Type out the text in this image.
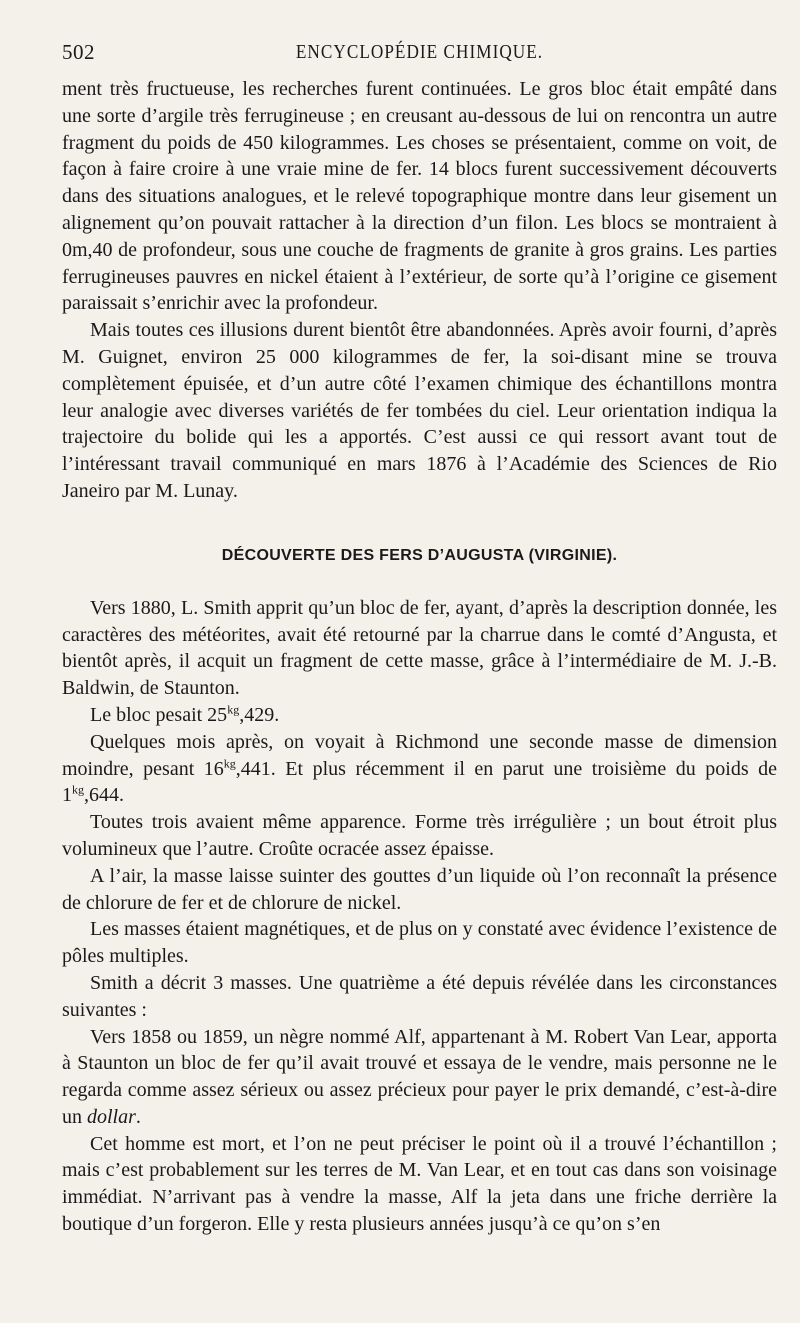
502	ENCYCLOPÉDIE CHIMIQUE.

ment très fructueuse, les recherches furent continuées. Le gros bloc était empâté dans une sorte d’argile très ferrugineuse ; en creusant au-dessous de lui on rencontra un autre fragment du poids de 450 kilogrammes. Les choses se présentaient, comme on voit, de façon à faire croire à une vraie mine de fer. 14 blocs furent successivement découverts dans des situations analogues, et le relevé topographique montre dans leur gisement un alignement qu’on pouvait rattacher à la direction d’un filon. Les blocs se montraient à 0m,40 de profondeur, sous une couche de fragments de granite à gros grains. Les parties ferrugineuses pauvres en nickel étaient à l’extérieur, de sorte qu’à l’origine ce gisement paraissait s’enrichir avec la profondeur.

Mais toutes ces illusions durent bientôt être abandonnées. Après avoir fourni, d’après M. Guignet, environ 25 000 kilogrammes de fer, la soi-disant mine se trouva complètement épuisée, et d’un autre côté l’examen chimique des échantillons montra leur analogie avec diverses variétés de fer tombées du ciel. Leur orientation indiqua la trajectoire du bolide qui les a apportés. C’est aussi ce qui ressort avant tout de l’intéressant travail communiqué en mars 1876 à l’Académie des Sciences de Rio Janeiro par M. Lunay.

DÉCOUVERTE DES FERS D’AUGUSTA (VIRGINIE).

Vers 1880, L. Smith apprit qu’un bloc de fer, ayant, d’après la description donnée, les caractères des météorites, avait été retourné par la charrue dans le comté d’Angusta, et bientôt après, il acquit un fragment de cette masse, grâce à l’intermédiaire de M. J.-B. Baldwin, de Staunton.

Le bloc pesait $25^{kg},429$.

Quelques mois après, on voyait à Richmond une seconde masse de dimension moindre, pesant $16^{kg},441$. Et plus récemment il en parut une troisième du poids de $1^{kg},644$.

Toutes trois avaient même apparence. Forme très irrégulière ; un bout étroit plus volumineux que l’autre. Croûte ocracée assez épaisse.

A l’air, la masse laisse suinter des gouttes d’un liquide où l’on reconnaît la présence de chlorure de fer et de chlorure de nickel.

Les masses étaient magnétiques, et de plus on y constaté avec évidence l’existence de pôles multiples.

Smith a décrit 3 masses. Une quatrième a été depuis révélée dans les circonstances suivantes :

Vers 1858 ou 1859, un nègre nommé Alf, appartenant à M. Robert Van Lear, apporta à Staunton un bloc de fer qu’il avait trouvé et essaya de le vendre, mais personne ne le regarda comme assez sérieux ou assez précieux pour payer le prix demandé, c’est-à-dire un dollar.

Cet homme est mort, et l’on ne peut préciser le point où il a trouvé l’échantillon ; mais c’est probablement sur les terres de M. Van Lear, et en tout cas dans son voisinage immédiat. N’arrivant pas à vendre la masse, Alf la jeta dans une friche derrière la boutique d’un forgeron. Elle y resta plusieurs années jusqu’à ce qu’on s’en
